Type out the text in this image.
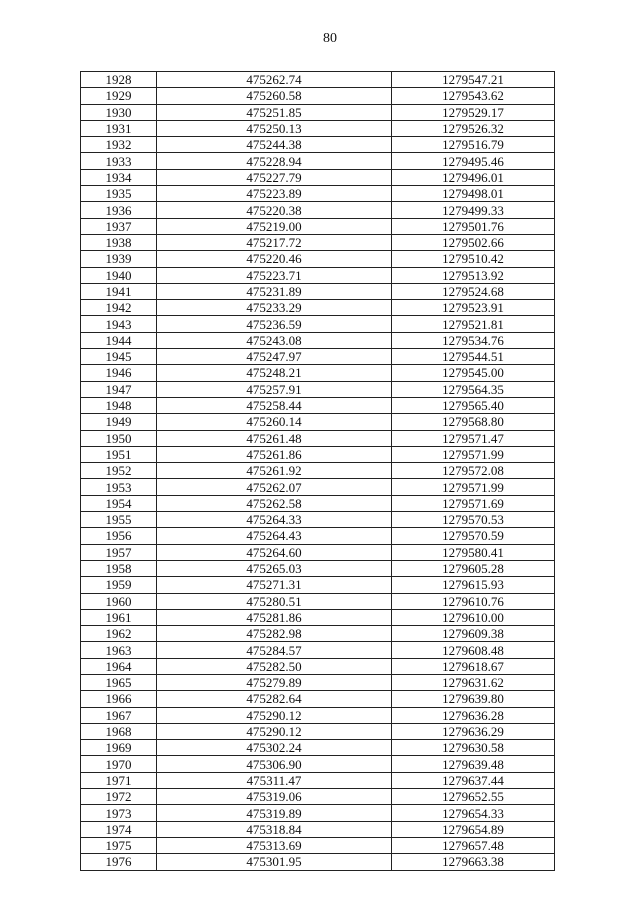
80
1928	475262.74	1279547.21
1929	475260.58	1279543.62
1930	475251.85	1279529.17
1931	475250.13	1279526.32
1932	475244.38	1279516.79
1933	475228.94	1279495.46
1934	475227.79	1279496.01
1935	475223.89	1279498.01
1936	475220.38	1279499.33
1937	475219.00	1279501.76
1938	475217.72	1279502.66
1939	475220.46	1279510.42
1940	475223.71	1279513.92
1941	475231.89	1279524.68
1942	475233.29	1279523.91
1943	475236.59	1279521.81
1944	475243.08	1279534.76
1945	475247.97	1279544.51
1946	475248.21	1279545.00
1947	475257.91	1279564.35
1948	475258.44	1279565.40
1949	475260.14	1279568.80
1950	475261.48	1279571.47
1951	475261.86	1279571.99
1952	475261.92	1279572.08
1953	475262.07	1279571.99
1954	475262.58	1279571.69
1955	475264.33	1279570.53
1956	475264.43	1279570.59
1957	475264.60	1279580.41
1958	475265.03	1279605.28
1959	475271.31	1279615.93
1960	475280.51	1279610.76
1961	475281.86	1279610.00
1962	475282.98	1279609.38
1963	475284.57	1279608.48
1964	475282.50	1279618.67
1965	475279.89	1279631.62
1966	475282.64	1279639.80
1967	475290.12	1279636.28
1968	475290.12	1279636.29
1969	475302.24	1279630.58
1970	475306.90	1279639.48
1971	475311.47	1279637.44
1972	475319.06	1279652.55
1973	475319.89	1279654.33
1974	475318.84	1279654.89
1975	475313.69	1279657.48
1976	475301.95	1279663.38
